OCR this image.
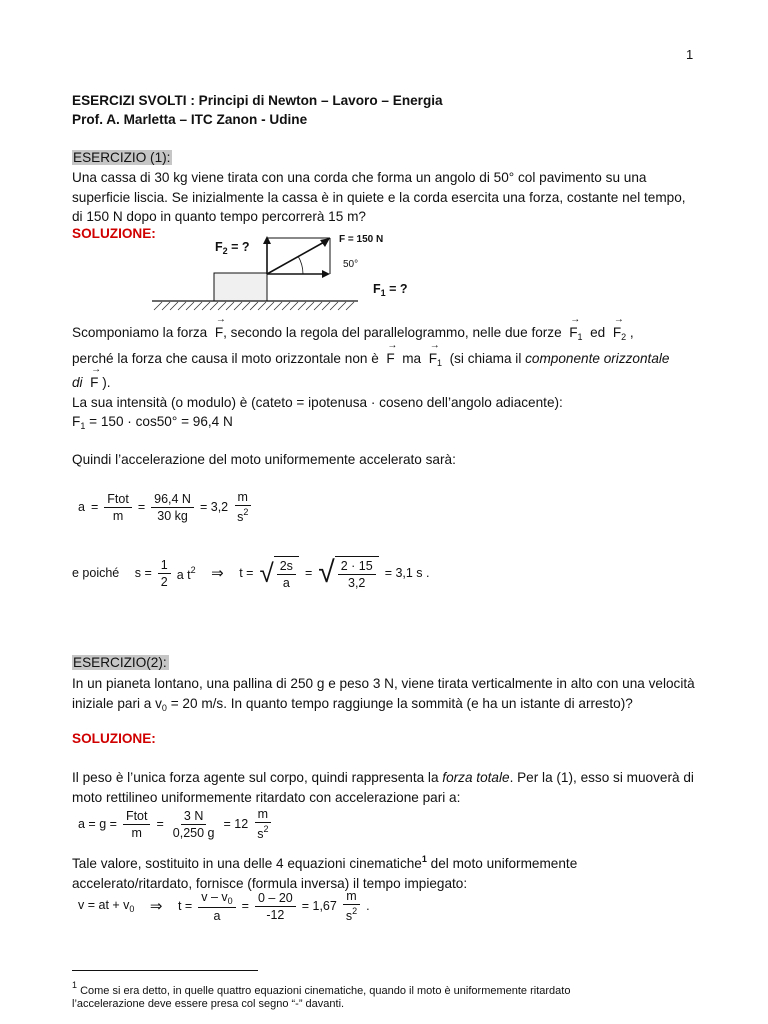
1
ESERCIZI SVOLTI : Principi di Newton – Lavoro – Energia
Prof. A. Marletta – ITC Zanon - Udine
ESERCIZIO (1):
Una cassa di 30 kg viene tirata con una corda che forma un angolo di 50° col pavimento su una superficie liscia. Se inizialmente la cassa è in quiete e la corda esercita una forza, costante nel tempo, di 150 N dopo in quanto tempo percorrerà 15 m?
SOLUZIONE:
$F_2$ = ?
F = 150 N
50°
$F_1$ = ?
Scomponiamo la forza → F, secondo la regola del parallelogrammo, nelle due forze → $F_1$ ed → $F_2$ ,
perché la forza che causa il moto orizzontale non è → F ma → $F_1$ (si chiama il componente orizzontale
di → F ).
La sua intensità (o modulo) è (cateto = ipotenusa · coseno dell’angolo adiacente):
$F_1 = 150 \cdot \cos 50^\circ = 96,4$ N
Quindi l’accelerazione del moto uniformemente accelerato sarà:
$a = \frac{\text{Ftot}}{m} = \frac{96,4 N}{30 kg} = 3,2 \frac{m}{s^2}$
e poiché
$s = \frac{1}{2}$ a $t^2$
⇒
t = √ $\frac{2s}{a}$ = √ $\frac{2 \cdot 15}{3,2} = 3,1$ s .
ESERCIZIO(2):
In un pianeta lontano, una pallina di 250 g e peso 3 N, viene tirata verticalmente in alto con una velocità iniziale pari a $v_0 = 20$ m/s. In quanto tempo raggiunge la sommità (e ha un istante di arresto)?
SOLUZIONE:
Il peso è l’unica forza agente sul corpo, quindi rappresenta la forza totale. Per la (1), esso si muoverà di moto rettilineo uniformemente ritardato con accelerazione pari a:
$a = g = \frac{\text{Ftot}}{m} = \frac{3 N}{0,250 g} = 12 \frac{m}{s^2}$
Tale valore, sostituito in una delle 4 equazioni cinematiche$^1$ del moto uniformemente accelerato/ritardato, fornisce (formula inversa) il tempo impiegato:
v = at + $v_0$
⇒
$t = \frac{v - v_0}{a} = \frac{0 - 20}{-12} = 1,67 \frac{m}{s^2}$ .
$^1$ Come si era detto, in quelle quattro equazioni cinematiche, quando il moto è uniformemente ritardato
l’accelerazione deve essere presa col segno “-” davanti.
